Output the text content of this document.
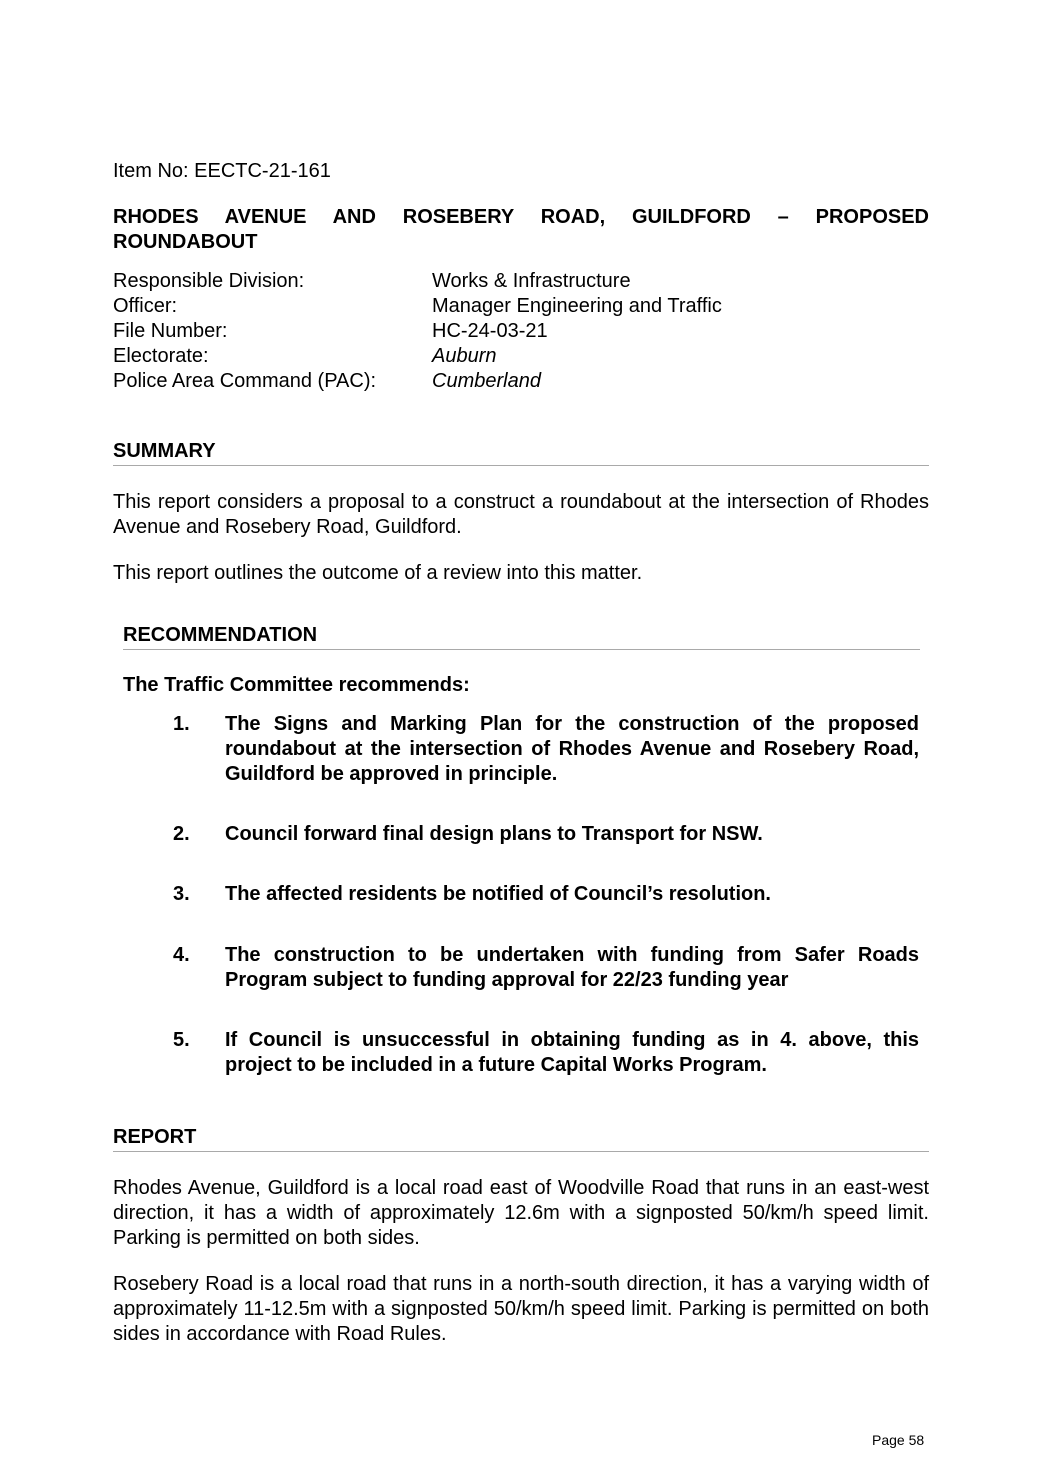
Item No: EECTC-21-161
RHODES AVENUE AND ROSEBERY ROAD, GUILDFORD – PROPOSED ROUNDABOUT
Responsible Division:	Works & Infrastructure
Officer:	Manager Engineering and Traffic
File Number:	HC-24-03-21
Electorate:	Auburn
Police Area Command (PAC):	Cumberland
SUMMARY

This report considers a proposal to a construct a roundabout at the intersection of Rhodes Avenue and Rosebery Road, Guildford.

This report outlines the outcome of a review into this matter.

RECOMMENDATION
The Traffic Committee recommends:
1.	The Signs and Marking Plan for the construction of the proposed roundabout at the intersection of Rhodes Avenue and Rosebery Road, Guildford be approved in principle.
2.	Council forward final design plans to Transport for NSW.
3.	The affected residents be notified of Council’s resolution.
4.	The construction to be undertaken with funding from Safer Roads Program subject to funding approval for 22/23 funding year
5.	If Council is unsuccessful in obtaining funding as in 4. above, this project to be included in a future Capital Works Program.
REPORT

Rhodes Avenue, Guildford is a local road east of Woodville Road that runs in an east-west direction, it has a width of approximately 12.6m with a signposted 50/km/h speed limit. Parking is permitted on both sides.

Rosebery Road is a local road that runs in a north-south direction, it has a varying width of approximately 11-12.5m with a signposted 50/km/h speed limit. Parking is permitted on both sides in accordance with Road Rules.

Page 58
